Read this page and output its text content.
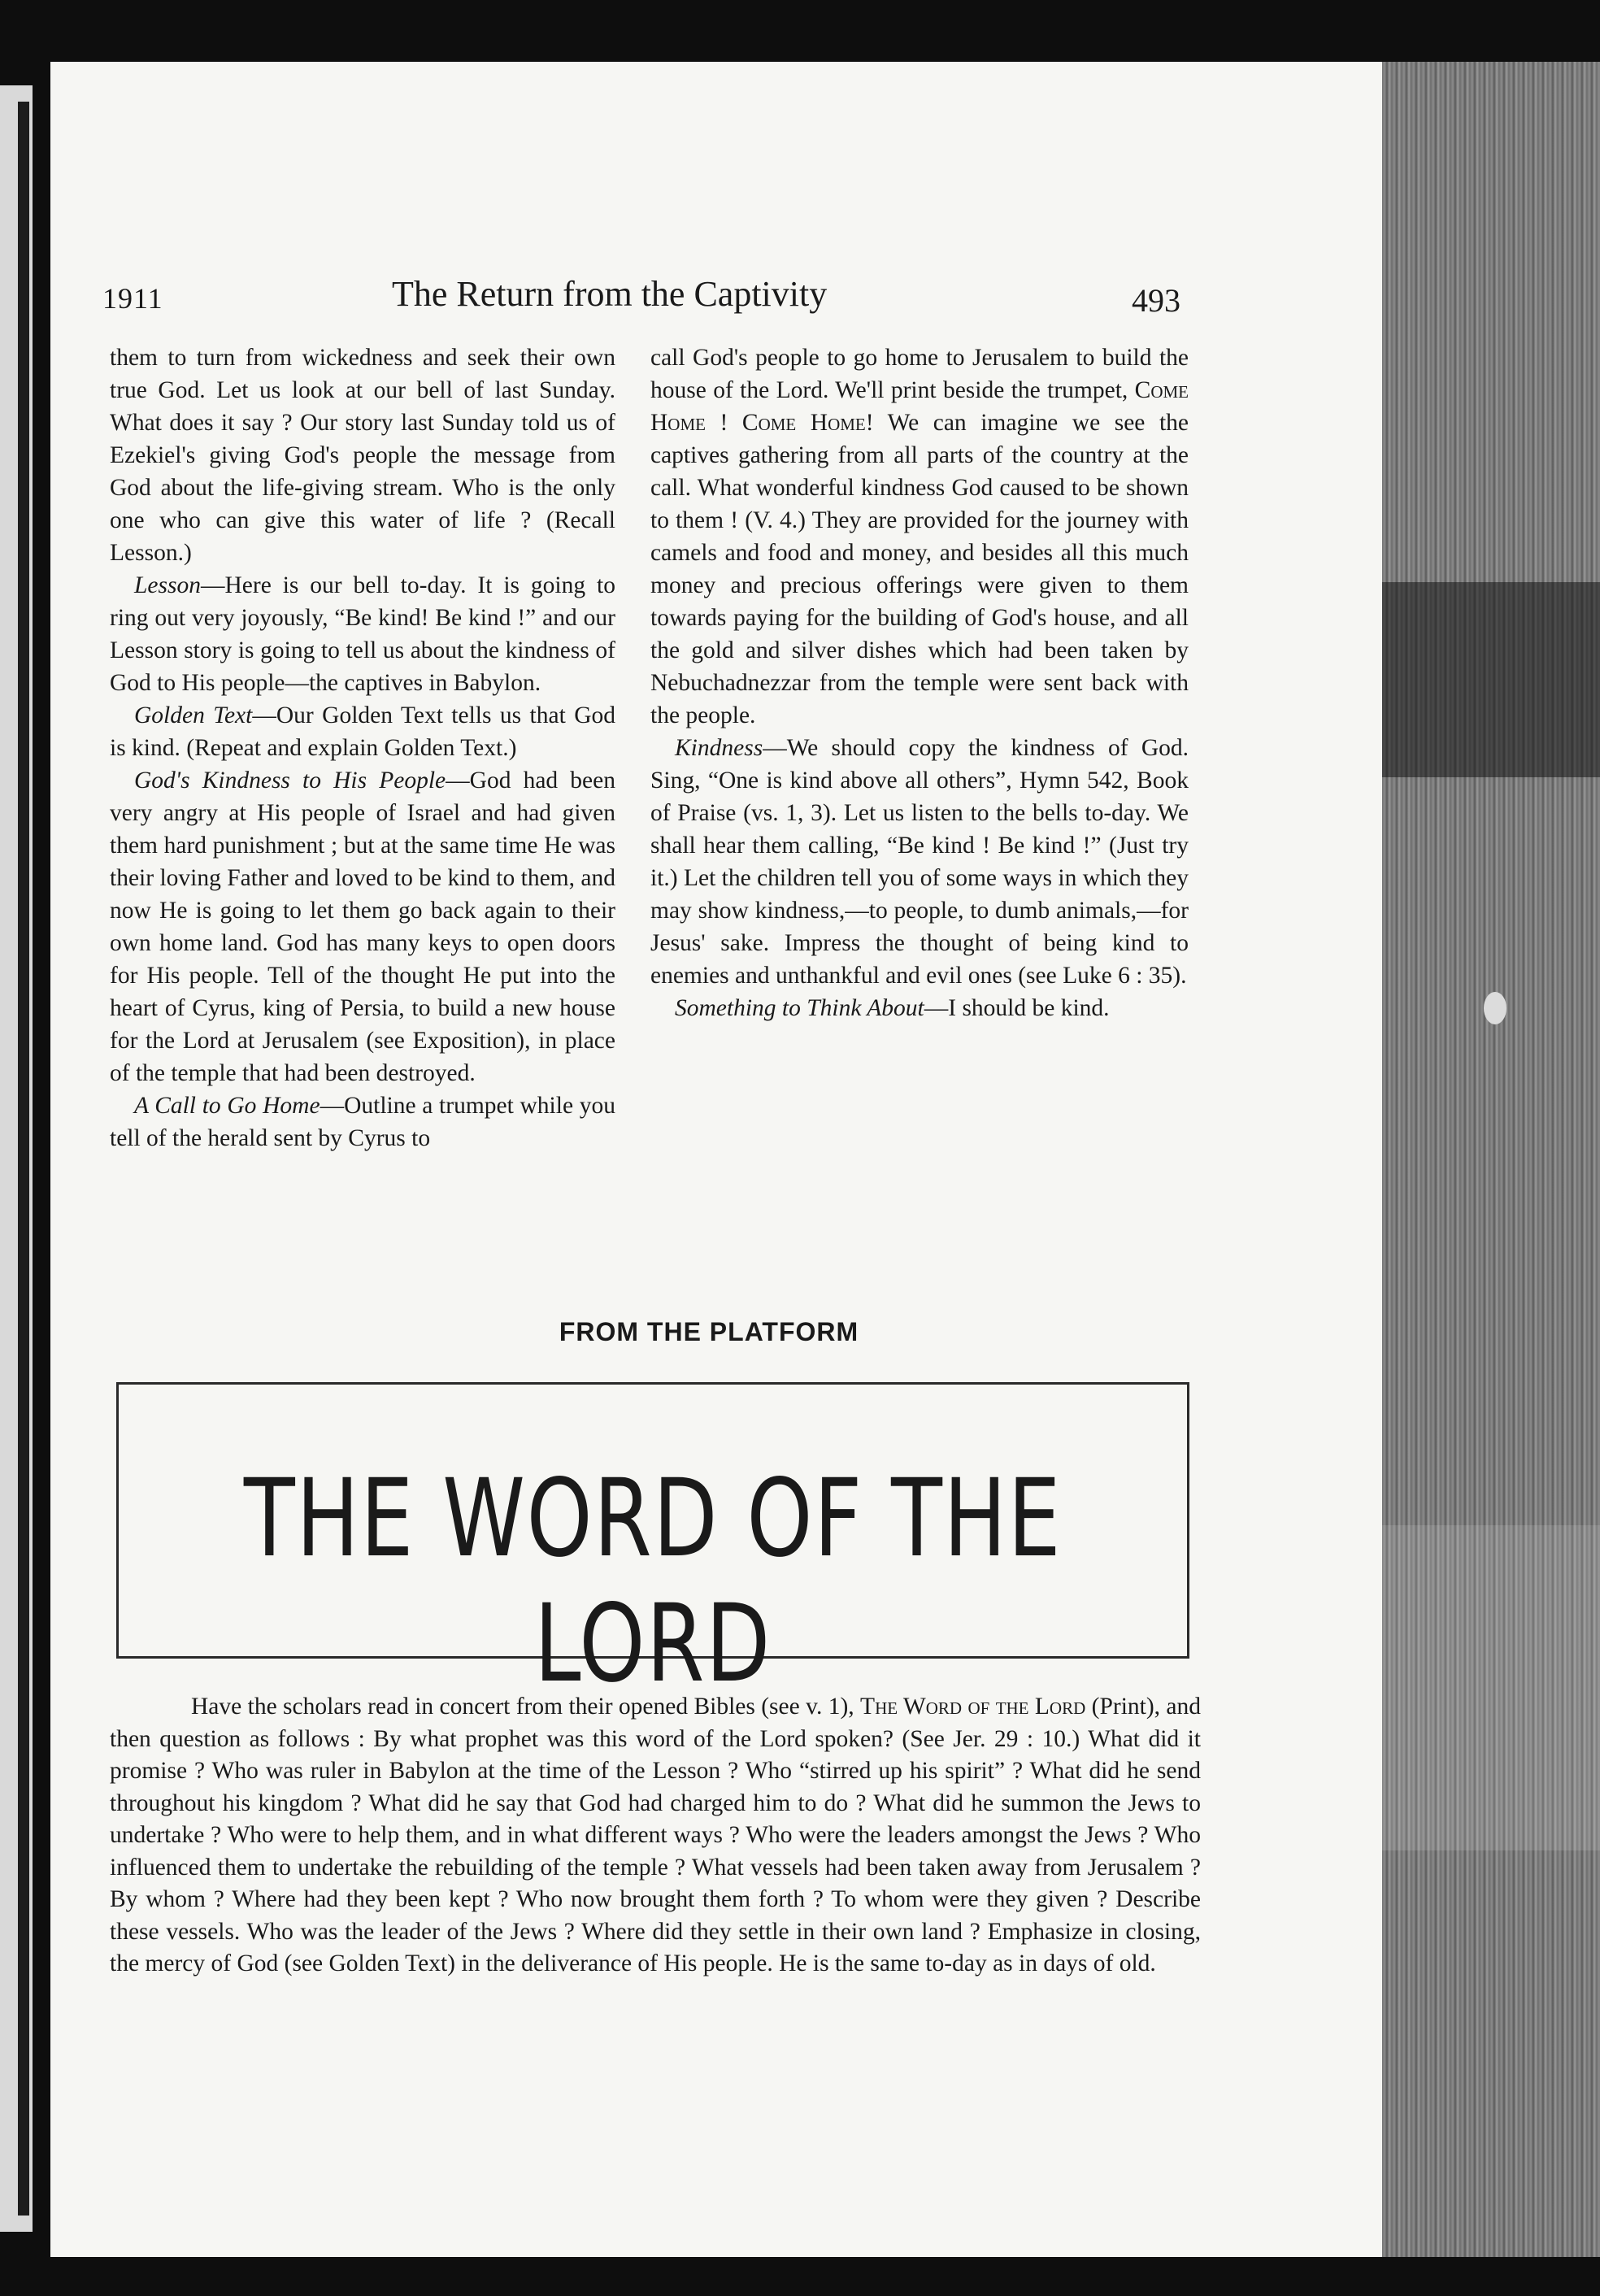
1911	The Return from the Captivity	493

them to turn from wickedness and seek their own true God. Let us look at our bell of last Sunday. What does it say ? Our story last Sunday told us of Ezekiel's giving God's people the message from God about the life-giving stream. Who is the only one who can give this water of life ? (Recall Lesson.)

Lesson—Here is our bell to-day. It is going to ring out very joyously, “Be kind! Be kind !” and our Lesson story is going to tell us about the kindness of God to His people—the captives in Babylon.

Golden Text—Our Golden Text tells us that God is kind. (Repeat and explain Golden Text.)

God's Kindness to His People—God had been very angry at His people of Israel and had given them hard punishment ; but at the same time He was their loving Father and loved to be kind to them, and now He is going to let them go back again to their own home land. God has many keys to open doors for His people. Tell of the thought He put into the heart of Cyrus, king of Persia, to build a new house for the Lord at Jerusalem (see Exposition), in place of the temple that had been destroyed.

A Call to Go Home—Outline a trumpet while you tell of the herald sent by Cyrus to

call God's people to go home to Jerusalem to build the house of the Lord. We'll print beside the trumpet, Come Home ! Come Home! We can imagine we see the captives gathering from all parts of the country at the call. What wonderful kindness God caused to be shown to them ! (V. 4.) They are provided for the journey with camels and food and money, and besides all this much money and precious offerings were given to them towards paying for the building of God's house, and all the gold and silver dishes which had been taken by Nebuchadnezzar from the temple were sent back with the people.

Kindness—We should copy the kindness of God. Sing, “One is kind above all others”, Hymn 542, Book of Praise (vs. 1, 3). Let us listen to the bells to-day. We shall hear them calling, “Be kind ! Be kind !” (Just try it.) Let the children tell you of some ways in which they may show kindness,—to people, to dumb animals,—for Jesus' sake. Impress the thought of being kind to enemies and unthankful and evil ones (see Luke 6 : 35).

Something to Think About—I should be kind.

FROM THE PLATFORM
THE WORD OF THE LORD
Have the scholars read in concert from their opened Bibles (see v. 1), The Word of the Lord (Print), and then question as follows : By what prophet was this word of the Lord spoken? (See Jer. 29 : 10.) What did it promise ? Who was ruler in Babylon at the time of the Lesson ? Who “stirred up his spirit” ? What did he send throughout his kingdom ? What did he say that God had charged him to do ? What did he summon the Jews to undertake ? Who were to help them, and in what different ways ? Who were the leaders amongst the Jews ? Who influenced them to undertake the rebuilding of the temple ? What vessels had been taken away from Jerusalem ? By whom ? Where had they been kept ? Who now brought them forth ? To whom were they given ? Describe these vessels. Who was the leader of the Jews ? Where did they settle in their own land ? Emphasize in closing, the mercy of God (see Golden Text) in the deliverance of His people. He is the same to-day as in days of old.
